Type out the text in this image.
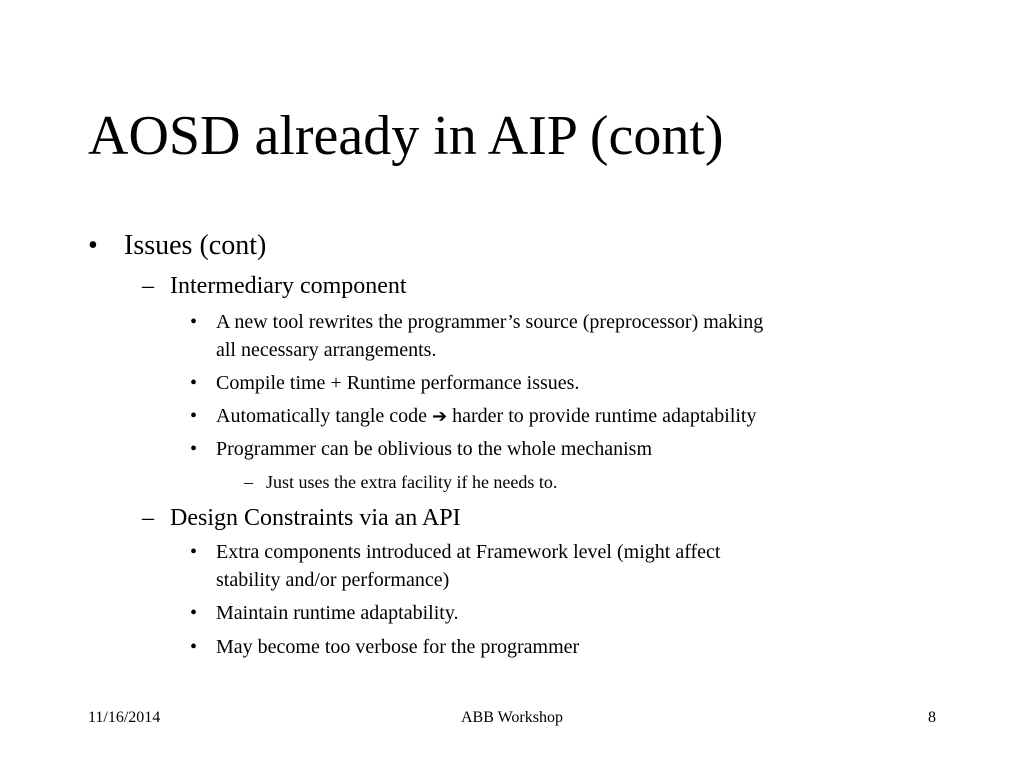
AOSD already in AIP (cont)
• Issues (cont)
– Intermediary component
• A new tool rewrites the programmer’s source (preprocessor) making
all necessary arrangements.
• Compile time + Runtime performance issues.
• Automatically tangle code ➔ harder to provide runtime adaptability
• Programmer can be oblivious to the whole mechanism
– Just uses the extra facility if he needs to.
– Design Constraints via an API
• Extra components introduced at Framework level (might affect
stability and/or performance)
• Maintain runtime adaptability.
• May become too verbose for the programmer
11/16/2014	ABB Workshop	8
